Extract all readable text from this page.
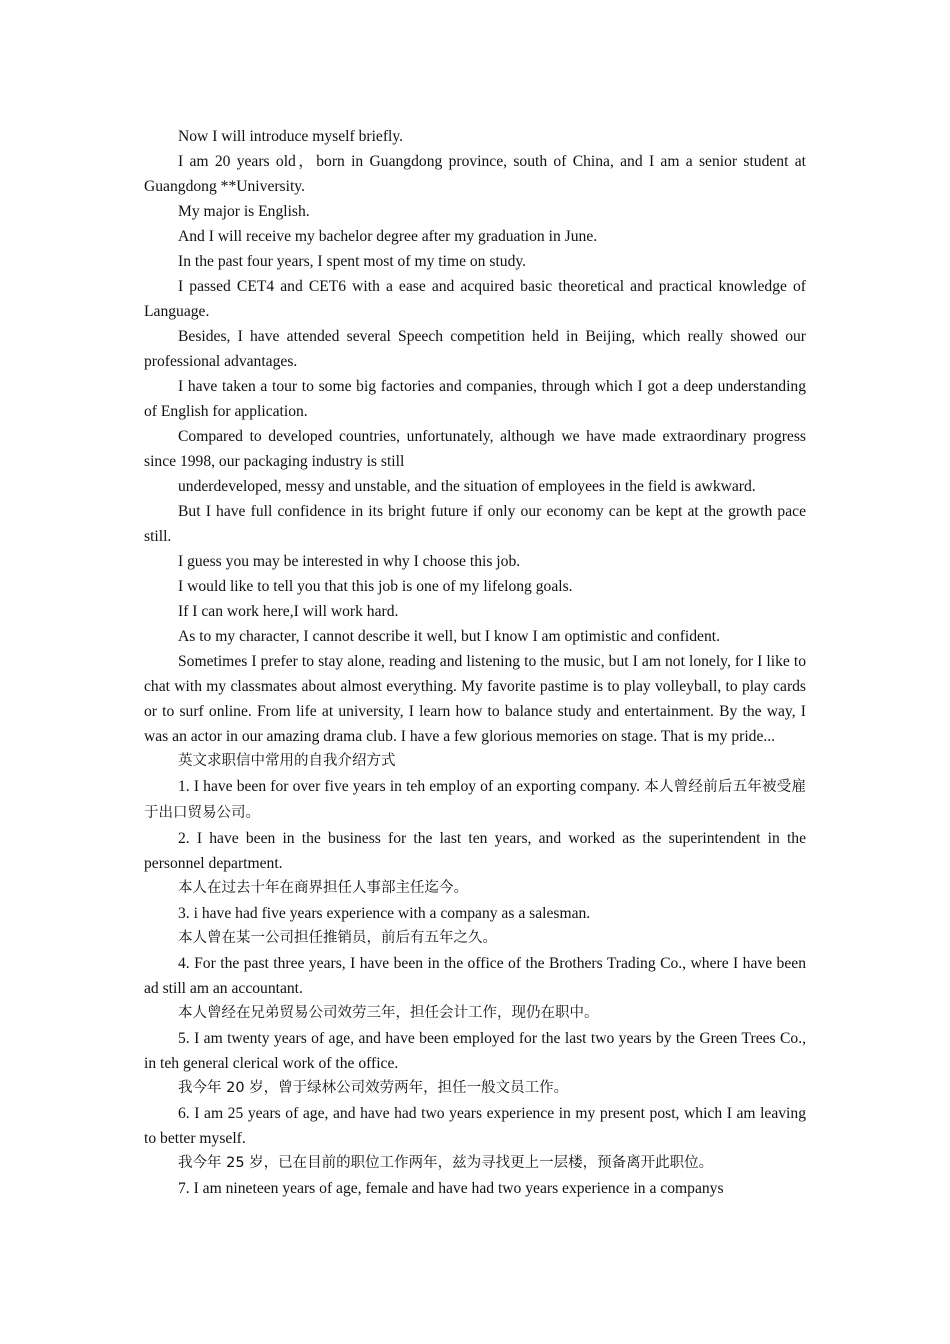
Now I will introduce myself briefly.

I am 20 years old，born in Guangdong province, south of China, and I am a senior student at Guangdong **University.

My major is English.

And I will receive my bachelor degree after my graduation in June.

In the past four years, I spent most of my time on study.

I passed CET4 and CET6 with a ease and acquired basic theoretical and practical knowledge of Language.

Besides, I have attended several Speech competition held in Beijing, which really showed our professional advantages.

I have taken a tour to some big factories and companies, through which I got a deep understanding of English for application.

Compared to developed countries, unfortunately, although we have made extraordinary progress since 1998, our packaging industry is still

underdeveloped, messy and unstable, and the situation of employees in the field is awkward.

But I have full confidence in its bright future if only our economy can be kept at the growth pace still.

I guess you may be interested in why I choose this job.

I would like to tell you that this job is one of my lifelong goals.

If I can work here,I will work hard.

As to my character, I cannot describe it well, but I know I am optimistic and confident.

Sometimes I prefer to stay alone, reading and listening to the music, but I am not lonely, for I like to chat with my classmates about almost everything. My favorite pastime is to play volleyball, to play cards or to surf online. From life at university, I learn how to balance study and entertainment. By the way, I was an actor in our amazing drama club. I have a few glorious memories on stage. That is my pride...

英文求职信中常用的自我介绍方式

1. I have been for over five years in teh employ of an exporting company. 本人曾经前后五年被受雇于出口贸易公司。

2. I have been in the business for the last ten years, and worked as the superintendent in the personnel department.

本人在过去十年在商界担任人事部主任迄今。

3. i have had five years experience with a company as a salesman.

本人曾在某一公司担任推销员，前后有五年之久。

4. For the past three years, I have been in the office of the Brothers Trading Co., where I have been ad still am an accountant.

本人曾经在兄弟贸易公司效劳三年，担任会计工作，现仍在职中。

5. I am twenty years of age, and have been employed for the last two years by the Green Trees Co., in teh general clerical work of the office.

我今年 20 岁，曾于绿林公司效劳两年，担任一般文员工作。

6. I am 25 years of age, and have had two years experience in my present post, which I am leaving to better myself.

我今年 25 岁，已在目前的职位工作两年，兹为寻找更上一层楼，预备离开此职位。

7. I am nineteen years of age, female and have had two years experience in a companys
